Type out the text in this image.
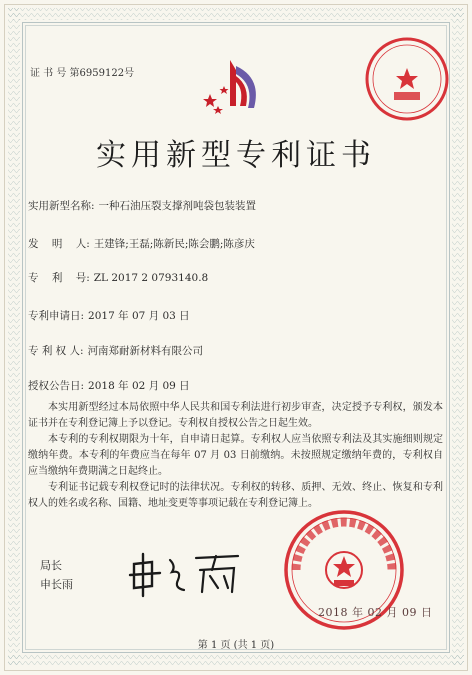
证 书 号 第6959122号
实用新型专利证书
实用新型名称: 一种石油压裂支撑剂吨袋包装装置
发    明    人: 王建锋;王磊;陈新民;陈会鹏;陈彦庆
专    利    号: ZL 2017 2 0793140.8
专利申请日: 2017 年 07 月 03 日
专 利 权 人: 河南郑耐新材料有限公司
授权公告日: 2018 年 02 月 09 日

本实用新型经过本局依照中华人民共和国专利法进行初步审查，决定授予专利权，颁发本证书并在专利登记簿上予以登记。专利权自授权公告之日起生效。

本专利的专利权期限为十年，自申请日起算。专利权人应当依照专利法及其实施细则规定缴纳年费。本专利的年费应当在每年 07 月 03 日前缴纳。未按照规定缴纳年费的，专利权自应当缴纳年费期满之日起终止。

专利证书记载专利权登记时的法律状况。专利权的转移、质押、无效、终止、恢复和专利权人的姓名或名称、国籍、地址变更等事项记载在专利登记簿上。

局长
申长雨
2018 年 02 月 09 日
第 1 页 (共 1 页)
